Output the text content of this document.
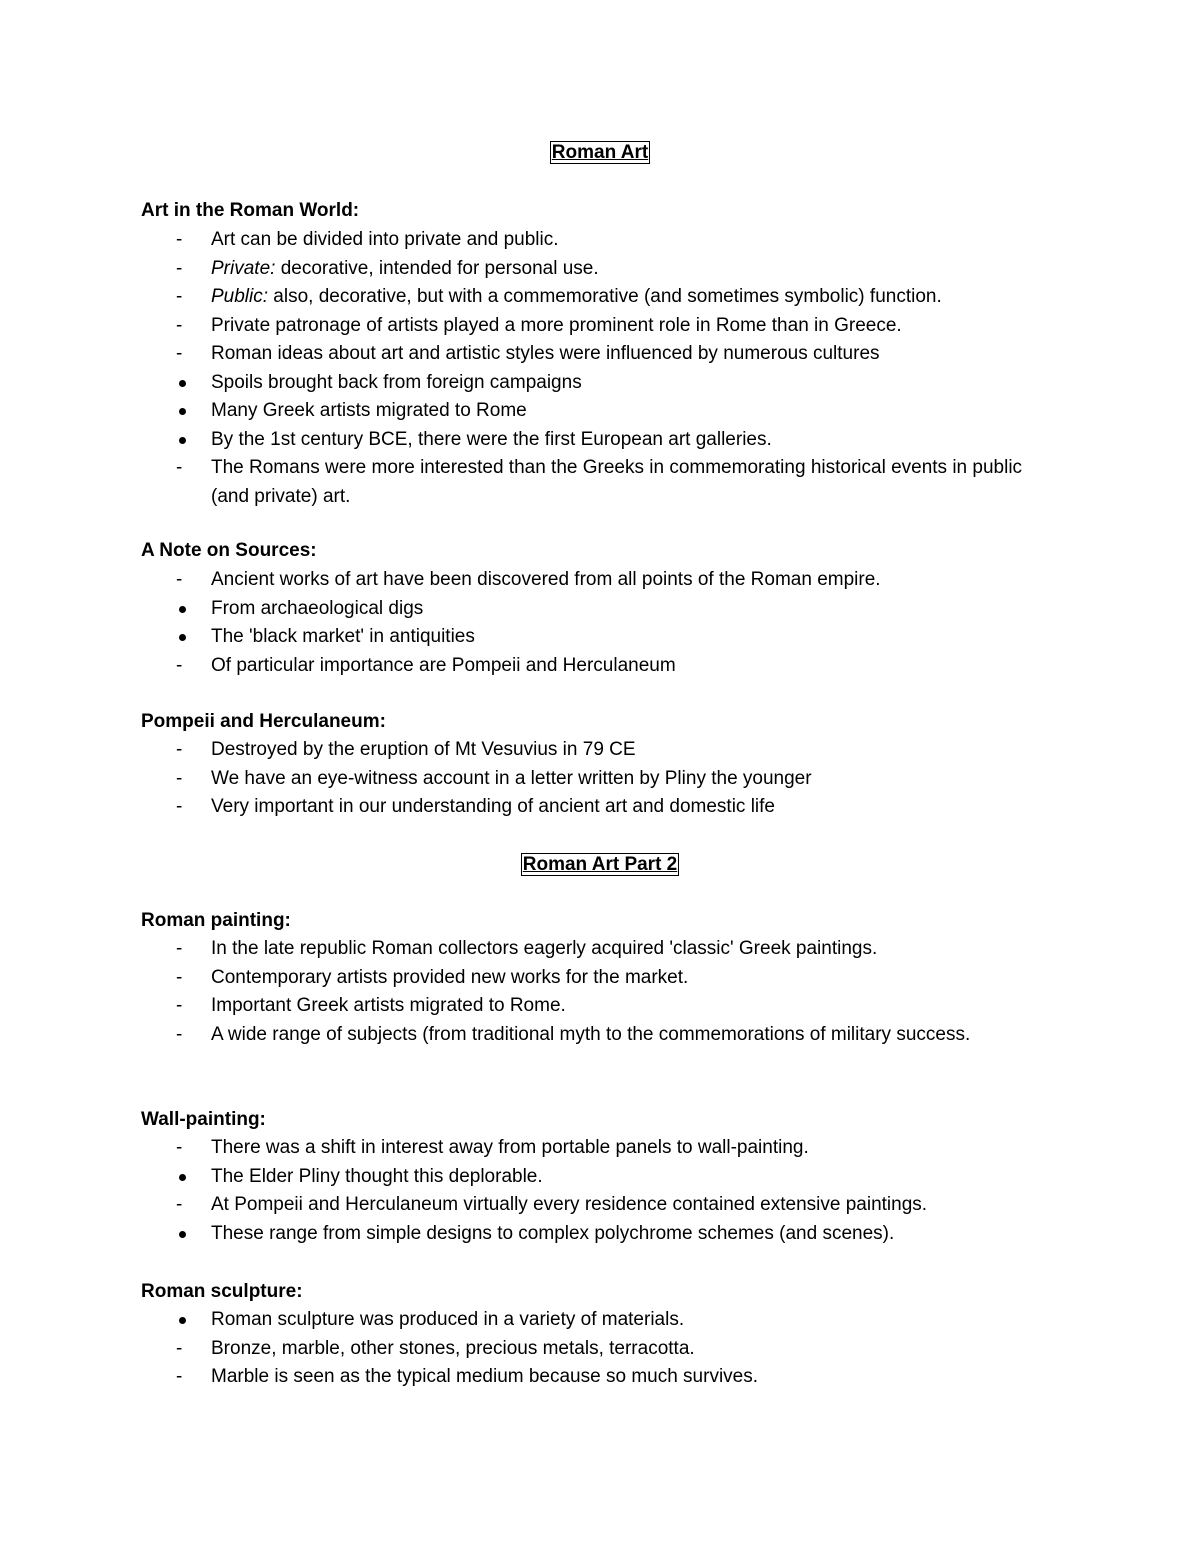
Roman Art
Art in the Roman World:
Art can be divided into private and public.
Private: decorative, intended for personal use.
Public: also, decorative, but with a commemorative (and sometimes symbolic) function.
Private patronage of artists played a more prominent role in Rome than in Greece.
Roman ideas about art and artistic styles were influenced by numerous cultures
Spoils brought back from foreign campaigns
Many Greek artists migrated to Rome
By the 1st century BCE, there were the first European art galleries.
The Romans were more interested than the Greeks in commemorating historical events in public (and private) art.
A Note on Sources:
Ancient works of art have been discovered from all points of the Roman empire.
From archaeological digs
The 'black market' in antiquities
Of particular importance are Pompeii and Herculaneum
Pompeii and Herculaneum:
Destroyed by the eruption of Mt Vesuvius in 79 CE
We have an eye-witness account in a letter written by Pliny the younger
Very important in our understanding of ancient art and domestic life
Roman Art Part 2
Roman painting:
In the late republic Roman collectors eagerly acquired 'classic' Greek paintings.
Contemporary artists provided new works for the market.
Important Greek artists migrated to Rome.
A wide range of subjects (from traditional myth to the commemorations of military success.
Wall-painting:
There was a shift in interest away from portable panels to wall-painting.
The Elder Pliny thought this deplorable.
At Pompeii and Herculaneum virtually every residence contained extensive paintings.
These range from simple designs to complex polychrome schemes (and scenes).
Roman sculpture:
Roman sculpture was produced in a variety of materials.
Bronze, marble, other stones, precious metals, terracotta.
Marble is seen as the typical medium because so much survives.
